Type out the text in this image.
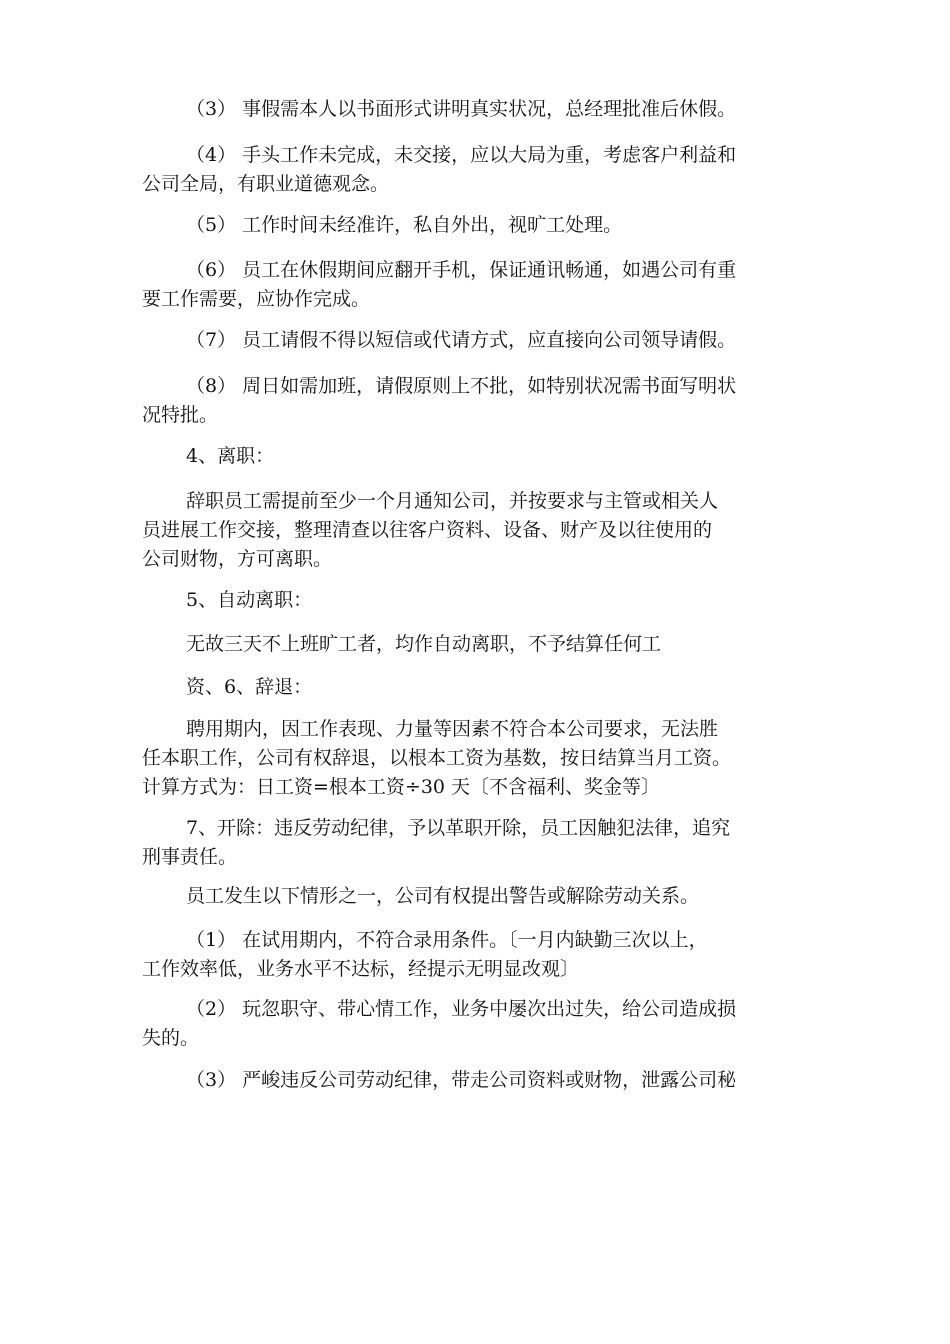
（3） 事假需本人以书面形式讲明真实状况，总经理批准后休假。

（4） 手头工作未完成，未交接，应以大局为重，考虑客户利益和
公司全局，有职业道德观念。

（5） 工作时间未经准许，私自外出，视旷工处理。

（6） 员工在休假期间应翻开手机，保证通讯畅通，如遇公司有重
要工作需要，应协作完成。

（7） 员工请假不得以短信或代请方式，应直接向公司领导请假。

（8） 周日如需加班，请假原则上不批，如特别状况需书面写明状
况特批。

4、离职：

辞职员工需提前至少一个月通知公司，并按要求与主管或相关人
员进展工作交接，整理清查以往客户资料、设备、财产及以往使用的
公司财物，方可离职。

5、自动离职：

无故三天不上班旷工者，均作自动离职，不予结算任何工

资、6、辞退：

聘用期内，因工作表现、力量等因素不符合本公司要求，无法胜
任本职工作，公司有权辞退，以根本工资为基数，按日结算当月工资。
计算方式为：日工资=根本工资÷30 天〔不含福利、奖金等〕

7、开除：违反劳动纪律，予以革职开除，员工因触犯法律，追究
刑事责任。

员工发生以下情形之一，公司有权提出警告或解除劳动关系。

（1） 在试用期内，不符合录用条件。〔一月内缺勤三次以上，
工作效率低，业务水平不达标，经提示无明显改观〕

（2） 玩忽职守、带心情工作，业务中屡次出过失，给公司造成损
失的。

（3） 严峻违反公司劳动纪律，带走公司资料或财物，泄露公司秘
